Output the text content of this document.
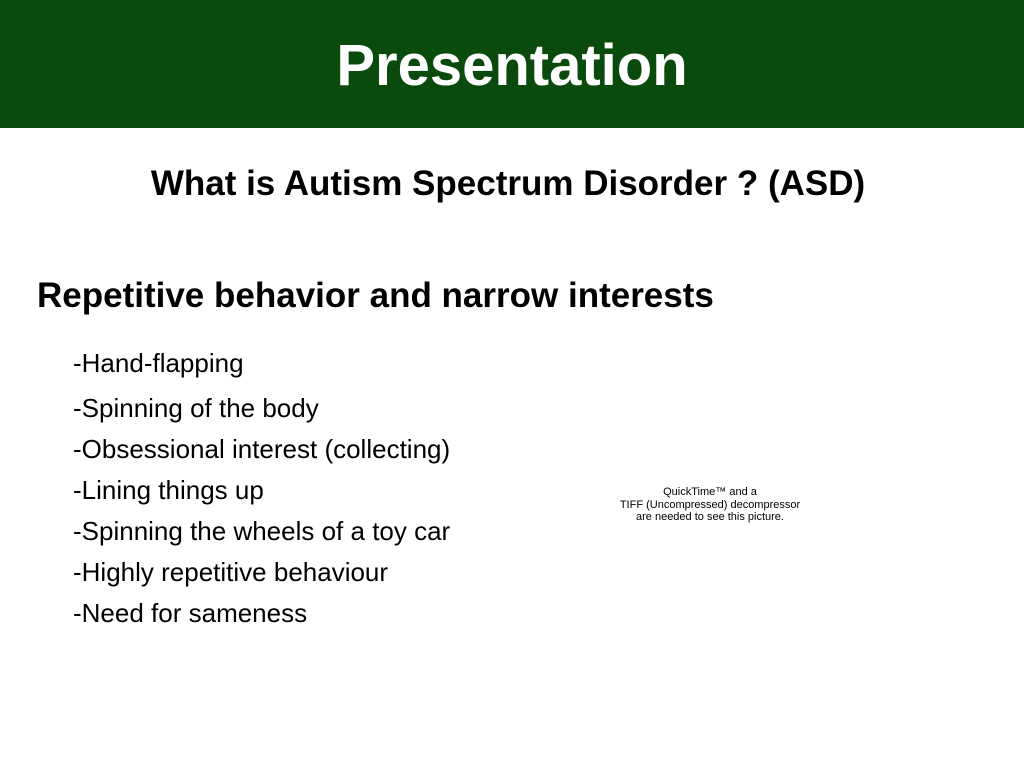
Presentation
What is Autism Spectrum Disorder ? (ASD)
Repetitive behavior and narrow interests
-Hand-flapping
-Spinning of the body
-Obsessional interest (collecting)
-Lining things up
-Spinning the wheels of a toy car
-Highly repetitive behaviour
-Need for sameness
QuickTime™ and a
TIFF (Uncompressed) decompressor
are needed to see this picture.
